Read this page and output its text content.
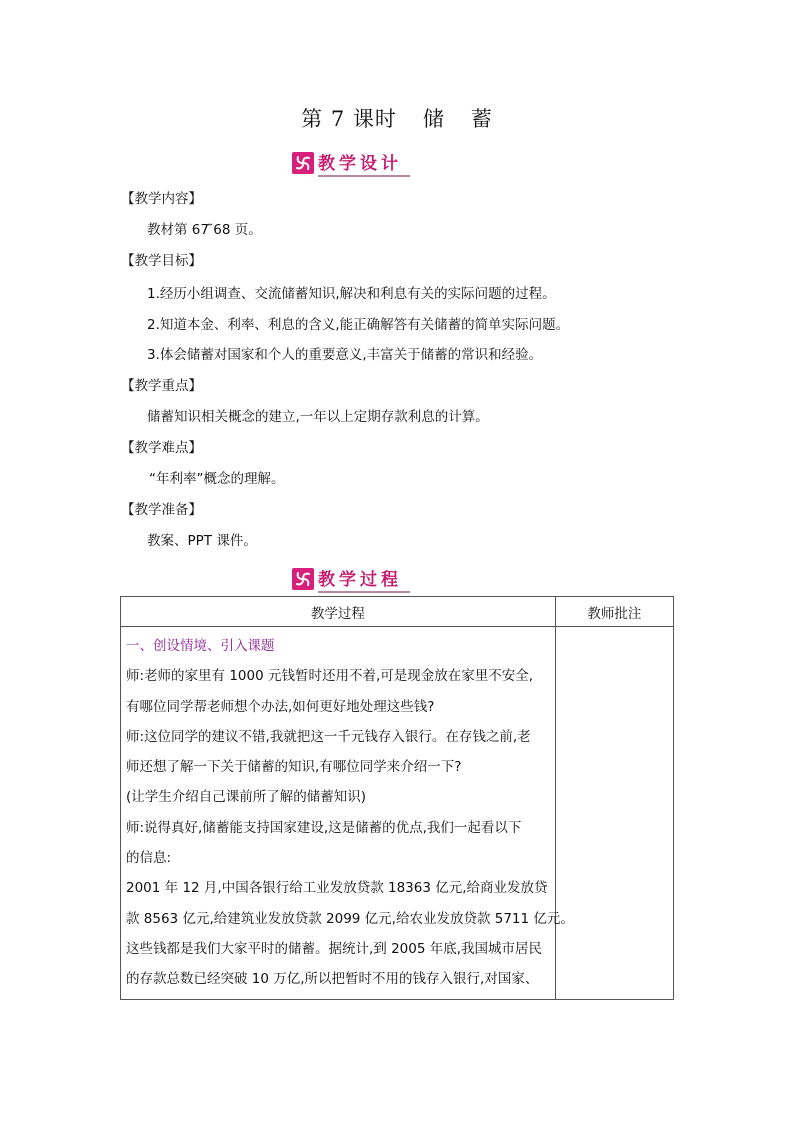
第 7 课时 储 蓄
教学设计
【教学内容】
教材第 67 ̃68 页。
【教学目标】
1.经历小组调查、交流储蓄知识,解决和利息有关的实际问题的过程。
2.知道本金、利率、利息的含义,能正确解答有关储蓄的简单实际问题。
3.体会储蓄对国家和个人的重要意义,丰富关于储蓄的常识和经验。
【教学重点】
储蓄知识相关概念的建立,一年以上定期存款利息的计算。
【教学难点】
“年利率”概念的理解。
【教学准备】
教案、PPT 课件。
教学过程
教学过程	教师批注

一、创设情境、引入课题
师:老师的家里有 1000 元钱暂时还用不着,可是现金放在家里不安全,
有哪位同学帮老师想个办法,如何更好地处理这些钱?
师:这位同学的建议不错,我就把这一千元钱存入银行。在存钱之前,老
师还想了解一下关于储蓄的知识,有哪位同学来介绍一下?
(让学生介绍自己课前所了解的储蓄知识)
师:说得真好,储蓄能支持国家建设,这是储蓄的优点,我们一起看以下
的信息:
2001 年 12 月,中国各银行给工业发放贷款 18363 亿元,给商业发放贷
款 8563 亿元,给建筑业发放贷款 2099 亿元,给农业发放贷款 5711 亿元。
这些钱都是我们大家平时的储蓄。据统计,到 2005 年底,我国城市居民
的存款总数已经突破 10 万亿,所以把暂时不用的钱存入银行,对国家、
